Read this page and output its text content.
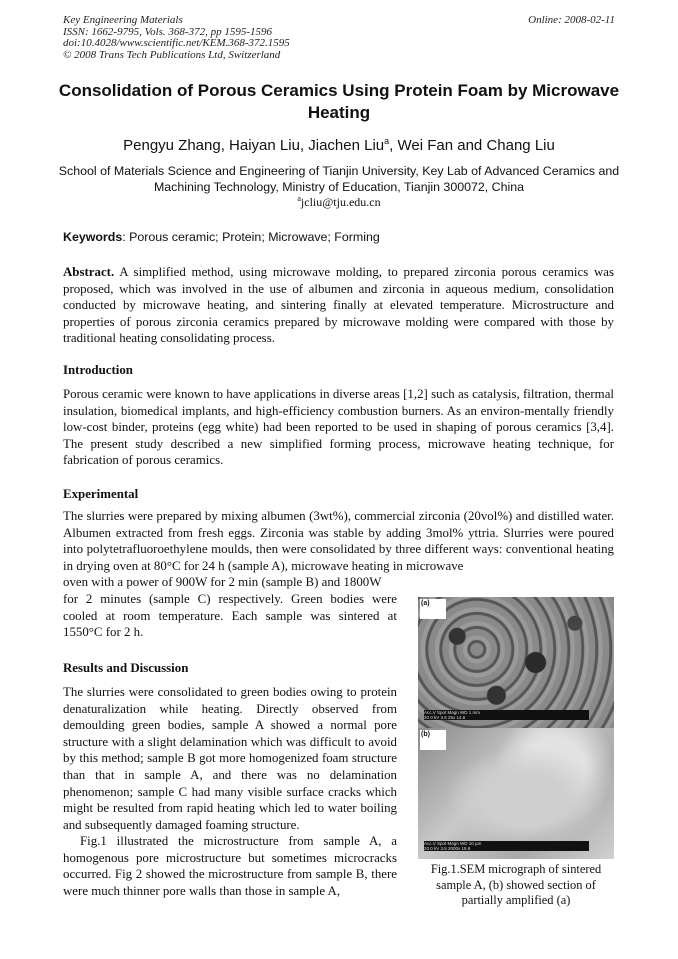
Key Engineering Materials
ISSN: 1662-9795, Vols. 368-372, pp 1595-1596
doi:10.4028/www.scientific.net/KEM.368-372.1595
© 2008 Trans Tech Publications Ltd, Switzerland
Online: 2008-02-11
Consolidation of Porous Ceramics Using Protein Foam by Microwave Heating
Pengyu Zhang, Haiyan Liu, Jiachen Liu$^a$, Wei Fan and Chang Liu
School of Materials Science and Engineering of Tianjin University, Key Lab of Advanced Ceramics and Machining Technology, Ministry of Education, Tianjin 300072, China
$^a$jcliu@tju.edu.cn
Keywords: Porous ceramic; Protein; Microwave; Forming
Abstract. A simplified method, using microwave molding, to prepared zirconia porous ceramics was proposed, which was involved in the use of albumen and zirconia in aqueous medium, consolidation conducted by microwave heating, and sintering finally at elevated temperature. Microstructure and properties of porous zirconia ceramics prepared by microwave molding were compared with those by traditional heating consolidating process.
Introduction
Porous ceramic were known to have applications in diverse areas [1,2] such as catalysis, filtration, thermal insulation, biomedical implants, and high-efficiency combustion burners. As an environ-mentally friendly low-cost binder, proteins (egg white) had been reported to be used in shaping of porous ceramics [3,4]. The present study described a new simplified forming process, microwave heating technique, for fabrication of porous ceramics.
Experimental
The slurries were prepared by mixing albumen (3wt%), commercial zirconia (20vol%) and distilled water. Albumen extracted from fresh eggs. Zirconia was stable by adding 3mol% yttria. Slurries were poured into polytetrafluoroethylene moulds, then were consolidated by three different ways: conventional heating in drying oven at 80°C for 24 h (sample A), microwave heating in microwave
oven with a power of 900W for 2 min (sample B) and 1800W
for 2 minutes (sample C) respectively. Green bodies were cooled at room temperature. Each sample was sintered at 1550°C for 2 h.
Results and Discussion
The slurries were consolidated to green bodies owing to protein denaturalization while heating. Directly observed from demoulding green bodies, sample A showed a normal pore structure with a slight delamination which was difficult to avoid by this method; sample B got more homogenized foam structure than that in sample A, and there was no delamination phenomenon; sample C had many visible surface cracks which might be resulted from rapid heating which led to water boiling and subsequently damaged foaming structure.
Fig.1 illustrated the microstructure from sample A, a homogenous pore microstructure but sometimes microcracks occurred. Fig 2 showed the microstructure from sample B, there were much thinner pore walls than those in sample A,
(a)
Acc.V Spot Magn WD 1 mm
20.0 kV 3.5 25x 14.6
(b)
Acc.V Spot Magn WD 10 µm
20.0 kV 3.5 2000x 15.9
Fig.1.SEM micrograph of sintered sample A, (b) showed section of partially amplified (a)
